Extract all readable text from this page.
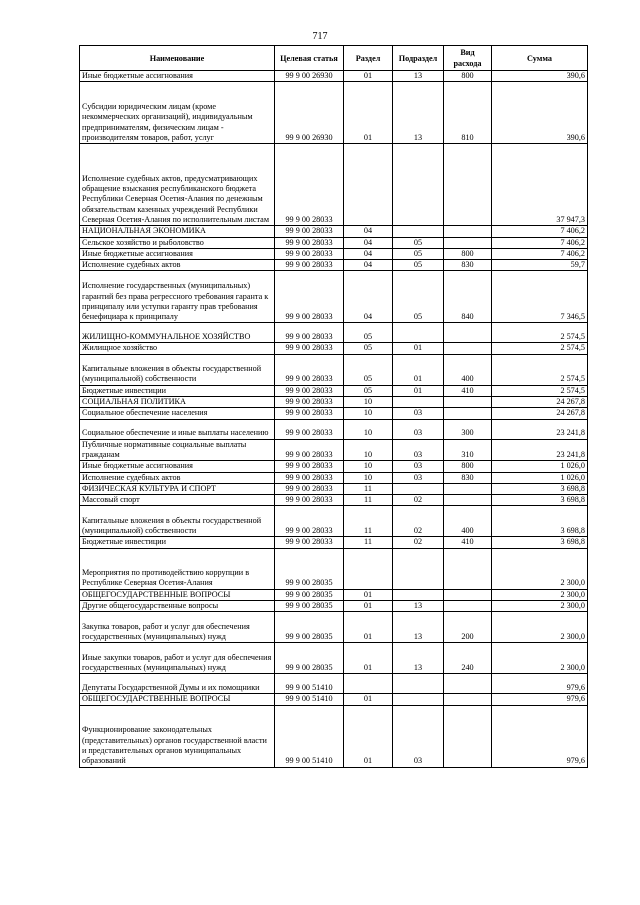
717
Наименование	Целевая статья	Раздел	Подраздел	Вид расхода	Сумма
Иные бюджетные ассигнования	99 9 00 26930	01	13	800	390,6
Субсидии юридическим лицам (кроме некоммерческих организаций), индивидуальным предпринимателям, физическим лицам - производителям товаров, работ, услуг	99 9 00 26930	01	13	810	390,6
Исполнение судебных актов, предусматривающих обращение взыскания республиканского бюджета Республики Северная Осетия-Алания по денежным обязательствам казенных учреждений Республики Северная Осетия-Алания по исполнительным листам	99 9 00 28033				37 947,3
НАЦИОНАЛЬНАЯ ЭКОНОМИКА	99 9 00 28033	04			7 406,2
Сельское хозяйство и рыболовство	99 9 00 28033	04	05		7 406,2
Иные бюджетные ассигнования	99 9 00 28033	04	05	800	7 406,2
Исполнение судебных актов	99 9 00 28033	04	05	830	59,7
Исполнение государственных (муниципальных) гарантий без права регрессного требования гаранта к принципалу или уступки гаранту прав требования бенефициара к принципалу	99 9 00 28033	04	05	840	7 346,5
ЖИЛИЩНО-КОММУНАЛЬНОЕ ХОЗЯЙСТВО	99 9 00 28033	05			2 574,5
Жилищное хозяйство	99 9 00 28033	05	01		2 574,5
Капитальные вложения в объекты государственной (муниципальной) собственности	99 9 00 28033	05	01	400	2 574,5
Бюджетные инвестиции	99 9 00 28033	05	01	410	2 574,5
СОЦИАЛЬНАЯ ПОЛИТИКА	99 9 00 28033	10			24 267,8
Социальное обеспечение населения	99 9 00 28033	10	03		24 267,8
Социальное обеспечение и иные выплаты населению	99 9 00 28033	10	03	300	23 241,8
Публичные нормативные социальные выплаты гражданам	99 9 00 28033	10	03	310	23 241,8
Иные бюджетные ассигнования	99 9 00 28033	10	03	800	1 026,0
Исполнение судебных актов	99 9 00 28033	10	03	830	1 026,0
ФИЗИЧЕСКАЯ КУЛЬТУРА И СПОРТ	99 9 00 28033	11			3 698,8
Массовый спорт	99 9 00 28033	11	02		3 698,8
Капитальные вложения в объекты государственной (муниципальной) собственности	99 9 00 28033	11	02	400	3 698,8
Бюджетные инвестиции	99 9 00 28033	11	02	410	3 698,8
Мероприятия по противодействию коррупции в Республике Северная Осетия-Алания	99 9 00 28035				2 300,0
ОБЩЕГОСУДАРСТВЕННЫЕ ВОПРОСЫ	99 9 00 28035	01			2 300,0
Другие общегосударственные вопросы	99 9 00 28035	01	13		2 300,0
Закупка товаров, работ и услуг для обеспечения государственных (муниципальных) нужд	99 9 00 28035	01	13	200	2 300,0
Иные закупки товаров, работ и услуг для обеспечения государственных (муниципальных) нужд	99 9 00 28035	01	13	240	2 300,0
Депутаты Государственной Думы и их помощники	99 9 00 51410				979,6
ОБЩЕГОСУДАРСТВЕННЫЕ ВОПРОСЫ	99 9 00 51410	01			979,6
Функционирование законодательных (представительных) органов государственной власти и представительных органов муниципальных образований	99 9 00 51410	01	03		979,6
